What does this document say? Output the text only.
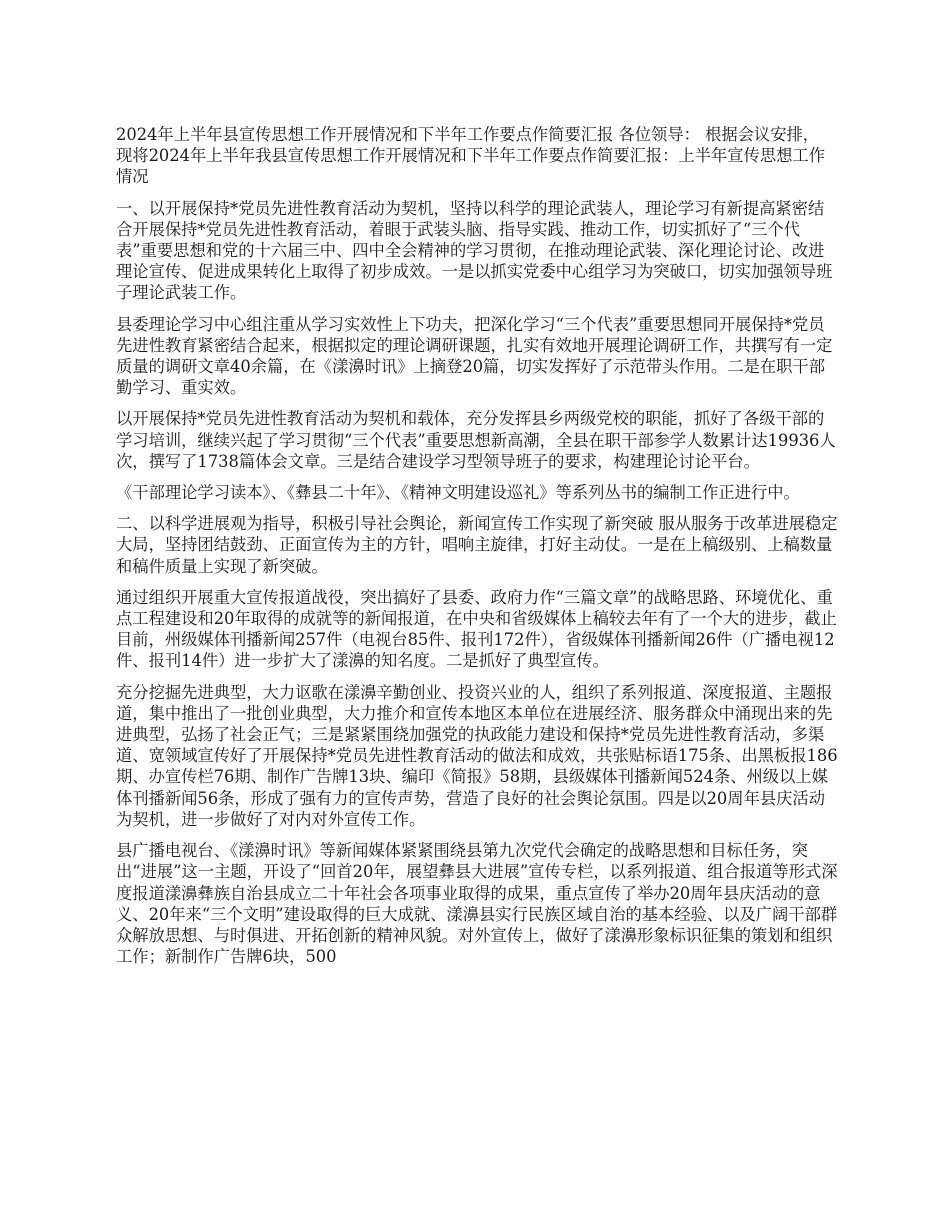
2024年上半年县宣传思想工作开展情况和下半年工作要点作简要汇报 各位领导： 根据会议安排， 现将2024年上半年我县宣传思想工作开展情况和下半年工作要点作简要汇报：上半年宣传思想工作情况

一、以开展保持*党员先进性教育活动为契机，坚持以科学的理论武装人，理论学习有新提高紧密结合开展保持*党员先进性教育活动，着眼于武装头脑、指导实践、推动工作，切实抓好了“三个代表”重要思想和党的十六届三中、四中全会精神的学习贯彻，在推动理论武装、深化理论讨论、改进理论宣传、促进成果转化上取得了初步成效。一是以抓实党委中心组学习为突破口，切实加强领导班子理论武装工作。

县委理论学习中心组注重从学习实效性上下功夫，把深化学习“三个代表”重要思想同开展保持*党员先进性教育紧密结合起来，根据拟定的理论调研课题，扎实有效地开展理论调研工作，共撰写有一定质量的调研文章40余篇，在《漾濞时讯》上摘登20篇，切实发挥好了示范带头作用。二是在职干部勤学习、重实效。

以开展保持*党员先进性教育活动为契机和载体，充分发挥县乡两级党校的职能，抓好了各级干部的学习培训，继续兴起了学习贯彻“三个代表”重要思想新高潮，全县在职干部参学人数累计达19936人次，撰写了1738篇体会文章。三是结合建设学习型领导班子的要求，构建理论讨论平台。

《干部理论学习读本》、《彝县二十年》、《精神文明建设巡礼》等系列丛书的编制工作正进行中。

二、以科学进展观为指导，积极引导社会舆论，新闻宣传工作实现了新突破 服从服务于改革进展稳定大局，坚持团结鼓劲、正面宣传为主的方针，唱响主旋律，打好主动仗。一是在上稿级别、上稿数量和稿件质量上实现了新突破。

通过组织开展重大宣传报道战役，突出搞好了县委、政府力作“三篇文章”的战略思路、环境优化、重点工程建设和20年取得的成就等的新闻报道，在中央和省级媒体上稿较去年有了一个大的进步，截止目前，州级媒体刊播新闻257件（电视台85件、报刊172件），省级媒体刊播新闻26件（广播电视12件、报刊14件）进一步扩大了漾濞的知名度。二是抓好了典型宣传。

充分挖掘先进典型，大力讴歌在漾濞辛勤创业、投资兴业的人，组织了系列报道、深度报道、主题报道，集中推出了一批创业典型，大力推介和宣传本地区本单位在进展经济、服务群众中涌现出来的先进典型，弘扬了社会正气；三是紧紧围绕加强党的执政能力建设和保持*党员先进性教育活动，多渠道、宽领域宣传好了开展保持*党员先进性教育活动的做法和成效，共张贴标语175条、出黑板报186期、办宣传栏76期、制作广告牌13块、编印《简报》58期，县级媒体刊播新闻524条、州级以上媒体刊播新闻56条，形成了强有力的宣传声势，营造了良好的社会舆论氛围。四是以20周年县庆活动为契机，进一步做好了对内对外宣传工作。

县广播电视台、《漾濞时讯》等新闻媒体紧紧围绕县第九次党代会确定的战略思想和目标任务，突出“进展”这一主题，开设了“回首20年，展望彝县大进展”宣传专栏，以系列报道、组合报道等形式深度报道漾濞彝族自治县成立二十年社会各项事业取得的成果，重点宣传了举办20周年县庆活动的意义、20年来“三个文明”建设取得的巨大成就、漾濞县实行民族区域自治的基本经验、以及广阔干部群众解放思想、与时俱进、开拓创新的精神风貌。对外宣传上，做好了漾濞形象标识征集的策划和组织工作；新制作广告牌6块，500
